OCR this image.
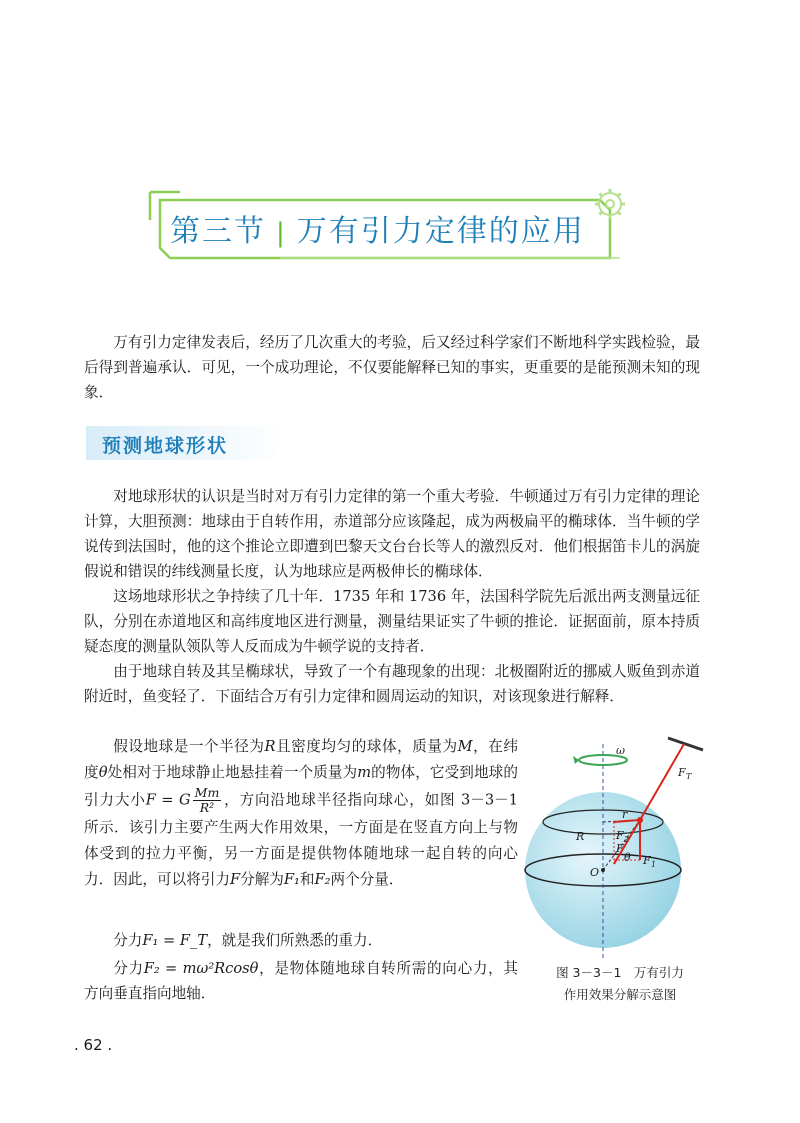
第三节 | 万有引力定律的应用

万有引力定律发表后，经历了几次重大的考验，后又经过科学家们不断地科学实践检验，最后得到普遍承认．可见，一个成功理论，不仅要能解释已知的事实，更重要的是能预测未知的现象．

预测地球形状

对地球形状的认识是当时对万有引力定律的第一个重大考验．牛顿通过万有引力定律的理论计算，大胆预测：地球由于自转作用，赤道部分应该隆起，成为两极扁平的椭球体．当牛顿的学说传到法国时，他的这个推论立即遭到巴黎天文台台长等人的激烈反对．他们根据笛卡儿的涡旋假说和错误的纬线测量长度，认为地球应是两极伸长的椭球体．

这场地球形状之争持续了几十年．1735 年和 1736 年，法国科学院先后派出两支测量远征队，分别在赤道地区和高纬度地区进行测量，测量结果证实了牛顿的推论．证据面前，原本持质疑态度的测量队领队等人反而成为牛顿学说的支持者．

由于地球自转及其呈椭球状，导致了一个有趣现象的出现：北极圈附近的挪威人贩鱼到赤道附近时，鱼变轻了．下面结合万有引力定律和圆周运动的知识，对该现象进行解释．

假设地球是一个半径为R且密度均匀的球体，质量为M，在纬度θ处相对于地球静止地悬挂着一个质量为m的物体，它受到地球的引力大小F = G $\frac{Mm}{\text{R²}}$ ，方向沿地球半径指向球心，如图 3－3－1 所示．该引力主要产生两大作用效果，一方面是在竖直方向上与物体受到的拉力平衡，另一方面是提供物体随地球一起自转的向心力．因此，可以将引力F分解为F₁和F₂两个分量．

分力F₁ = F_T，就是我们所熟悉的重力．

分力F₂ = mω²Rcosθ，是物体随地球自转所需的向心力，其方向垂直指向地轴．

ω
F T
r
F 2
R
F
θ
O
F 1
图 3－3－1　万有引力
作用效果分解示意图
. 62 .
